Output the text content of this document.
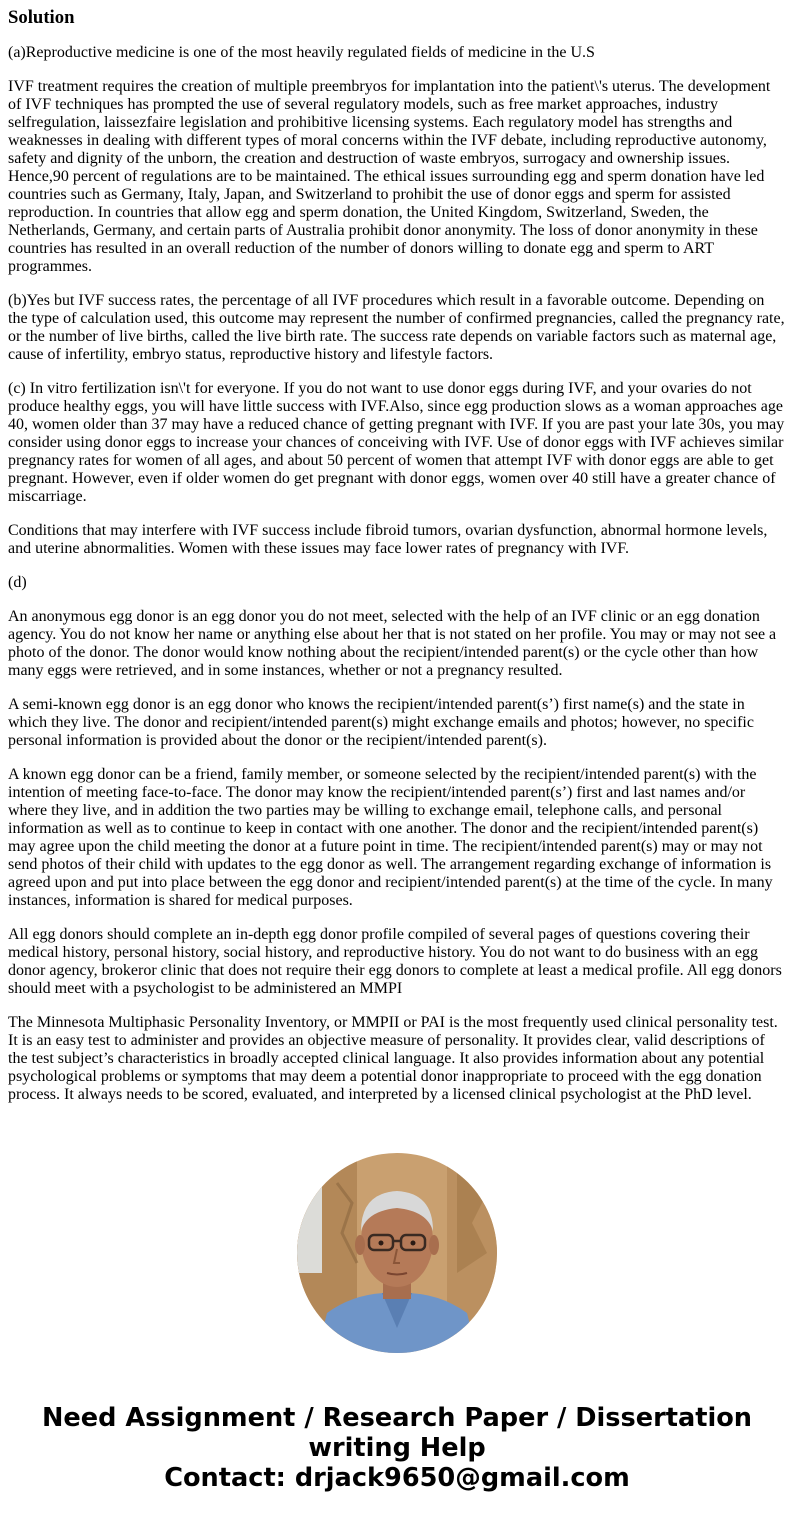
Solution

(a)Reproductive medicine is one of the most heavily regulated fields of medicine in the U.S

IVF treatment requires the creation of multiple preembryos for implantation into the patient\'s uterus. The development of IVF techniques has prompted the use of several regulatory models, such as free market approaches, industry selfregulation, laissezfaire legislation and prohibitive licensing systems. Each regulatory model has strengths and weaknesses in dealing with different types of moral concerns within the IVF debate, including reproductive autonomy, safety and dignity of the unborn, the creation and destruction of waste embryos, surrogacy and ownership issues. Hence,90 percent of regulations are to be maintained. The ethical issues surrounding egg and sperm donation have led countries such as Germany, Italy, Japan, and Switzerland to prohibit the use of donor eggs and sperm for assisted reproduction. In countries that allow egg and sperm donation, the United Kingdom, Switzerland, Sweden, the Netherlands, Germany, and certain parts of Australia prohibit donor anonymity. The loss of donor anonymity in these countries has resulted in an overall reduction of the number of donors willing to donate egg and sperm to ART programmes.

(b)Yes but IVF success rates, the percentage of all IVF procedures which result in a favorable outcome. Depending on the type of calculation used, this outcome may represent the number of confirmed pregnancies, called the pregnancy rate, or the number of live births, called the live birth rate. The success rate depends on variable factors such as maternal age, cause of infertility, embryo status, reproductive history and lifestyle factors.

(c) In vitro fertilization isn\'t for everyone. If you do not want to use donor eggs during IVF, and your ovaries do not produce healthy eggs, you will have little success with IVF.Also, since egg production slows as a woman approaches age 40, women older than 37 may have a reduced chance of getting pregnant with IVF. If you are past your late 30s, you may consider using donor eggs to increase your chances of conceiving with IVF. Use of donor eggs with IVF achieves similar pregnancy rates for women of all ages, and about 50 percent of women that attempt IVF with donor eggs are able to get pregnant. However, even if older women do get pregnant with donor eggs, women over 40 still have a greater chance of miscarriage.

Conditions that may interfere with IVF success include fibroid tumors, ovarian dysfunction, abnormal hormone levels, and uterine abnormalities. Women with these issues may face lower rates of pregnancy with IVF.

(d)

An anonymous egg donor is an egg donor you do not meet, selected with the help of an IVF clinic or an egg donation agency. You do not know her name or anything else about her that is not stated on her profile. You may or may not see a photo of the donor. The donor would know nothing about the recipient/intended parent(s) or the cycle other than how many eggs were retrieved, and in some instances, whether or not a pregnancy resulted.

A semi-known egg donor is an egg donor who knows the recipient/intended parent(s’) first name(s) and the state in which they live. The donor and recipient/intended parent(s) might exchange emails and photos; however, no specific personal information is provided about the donor or the recipient/intended parent(s).

A known egg donor can be a friend, family member, or someone selected by the recipient/intended parent(s) with the intention of meeting face-to-face. The donor may know the recipient/intended parent(s’) first and last names and/or where they live, and in addition the two parties may be willing to exchange email, telephone calls, and personal information as well as to continue to keep in contact with one another. The donor and the recipient/intended parent(s) may agree upon the child meeting the donor at a future point in time. The recipient/intended parent(s) may or may not send photos of their child with updates to the egg donor as well. The arrangement regarding exchange of information is agreed upon and put into place between the egg donor and recipient/intended parent(s) at the time of the cycle. In many instances, information is shared for medical purposes.

All egg donors should complete an in-depth egg donor profile compiled of several pages of questions covering their medical history, personal history, social history, and reproductive history. You do not want to do business with an egg donor agency, brokeror clinic that does not require their egg donors to complete at least a medical profile. All egg donors should meet with a psychologist to be administered an MMPI

The Minnesota Multiphasic Personality Inventory, or MMPII or PAI is the most frequently used clinical personality test. It is an easy test to administer and provides an objective measure of personality. It provides clear, valid descriptions of the test subject’s characteristics in broadly accepted clinical language. It also provides information about any potential psychological problems or symptoms that may deem a potential donor inappropriate to proceed with the egg donation process. It always needs to be scored, evaluated, and interpreted by a licensed clinical psychologist at the PhD level.

Need Assignment / Research Paper / Dissertation writing Help
Contact: drjack9650@gmail.com
